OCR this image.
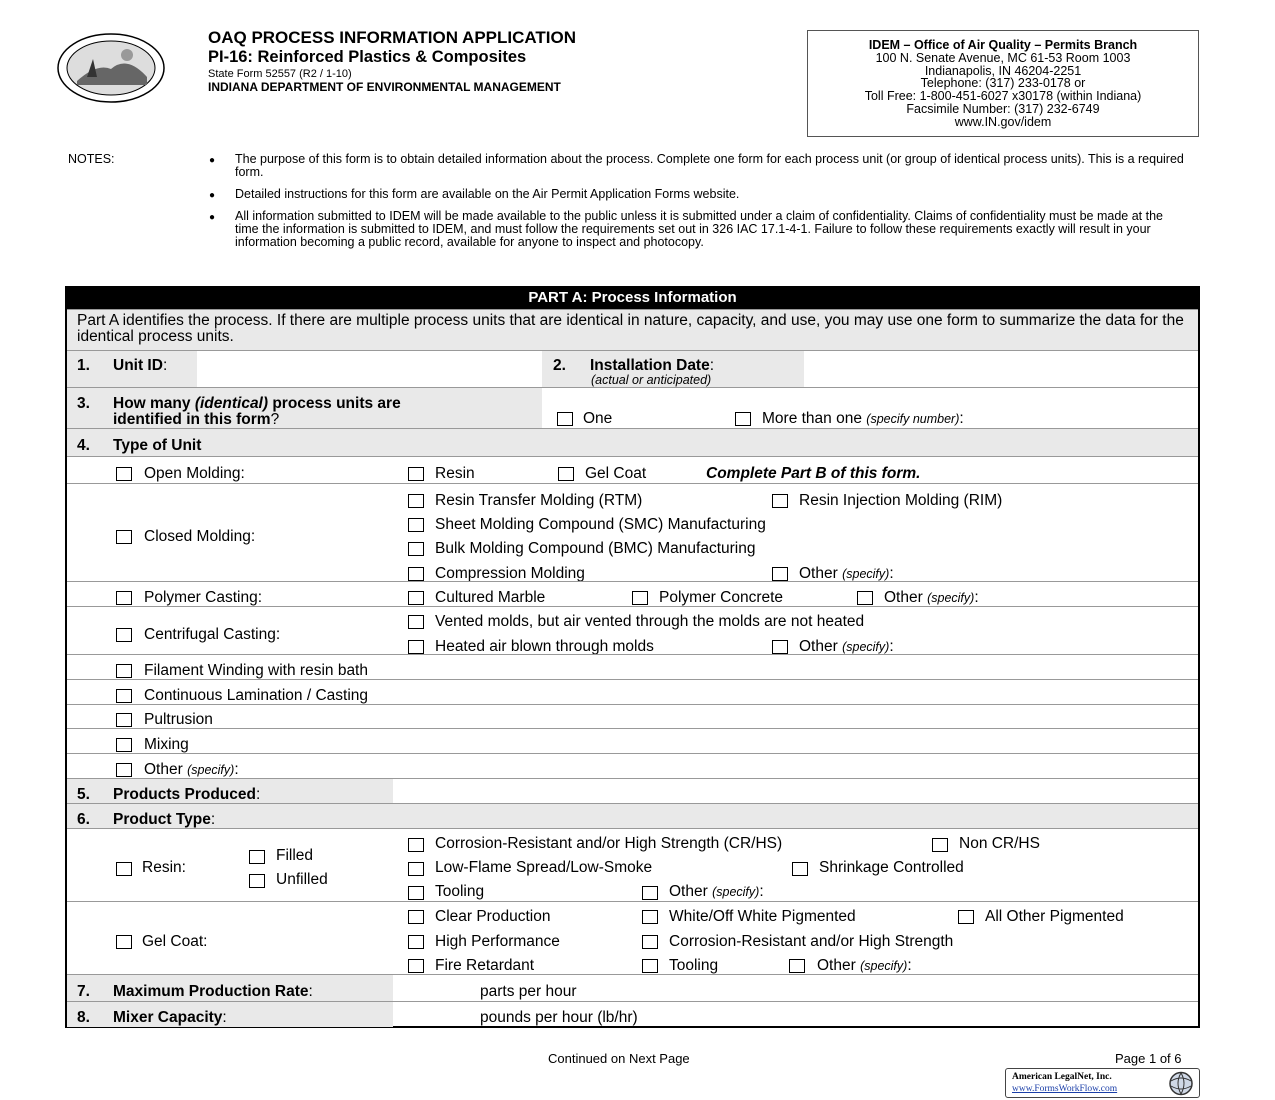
OAQ PROCESS INFORMATION APPLICATION
PI-16: Reinforced Plastics & Composites
State Form 52557 (R2 / 1-10)
INDIANA DEPARTMENT OF ENVIRONMENTAL MANAGEMENT
IDEM – Office of Air Quality – Permits Branch
100 N. Senate Avenue, MC 61-53 Room 1003
Indianapolis, IN 46204-2251
Telephone: (317) 233-0178 or
Toll Free: 1-800-451-6027 x30178 (within Indiana)
Facsimile Number: (317) 232-6749
www.IN.gov/idem
NOTES:	● The purpose of this form is to obtain detailed information about the process. Complete one form for each process unit (or group of identical process units). This is a required form.
● Detailed instructions for this form are available on the Air Permit Application Forms website.
● All information submitted to IDEM will be made available to the public unless it is submitted under a claim of confidentiality. Claims of confidentiality must be made at the time the information is submitted to IDEM, and must follow the requirements set out in 326 IAC 17.1-4-1. Failure to follow these requirements exactly will result in your information becoming a public record, available for anyone to inspect and photocopy.
PART A: Process Information
Part A identifies the process. If there are multiple process units that are identical in nature, capacity, and use, you may use one form to summarize the data for the identical process units.
1. Unit ID:	2. Installation Date:
(actual or anticipated)
3. How many (identical) process units are
identified in this form?	One	More than one (specify number):
4. Type of Unit
Open Molding:	Resin	Gel Coat	Complete Part B of this form.
Closed Molding:
Resin Transfer Molding (RTM)	Resin Injection Molding (RIM)
Sheet Molding Compound (SMC) Manufacturing
Bulk Molding Compound (BMC) Manufacturing
Compression Molding	Other (specify):
Polymer Casting:	Cultured Marble	Polymer Concrete	Other (specify):
Centrifugal Casting:
Vented molds, but air vented through the molds are not heated
Heated air blown through molds	Other (specify):
Filament Winding with resin bath
Continuous Lamination / Casting
Pultrusion
Mixing
Other (specify):
5. Products Produced:
6. Product Type:
Resin:
Filled
Unfilled
Corrosion-Resistant and/or High Strength (CR/HS)	Non CR/HS
Low-Flame Spread/Low-Smoke	Shrinkage Controlled
Tooling	Other (specify):
Gel Coat:
Clear Production	White/Off White Pigmented	All Other Pigmented
High Performance	Corrosion-Resistant and/or High Strength
Fire Retardant	Tooling	Other (specify):
7. Maximum Production Rate:	parts per hour
8. Mixer Capacity:	pounds per hour (lb/hr)
Continued on Next Page	Page 1 of 6
American LegalNet, Inc.
www.FormsWorkFlow.com
